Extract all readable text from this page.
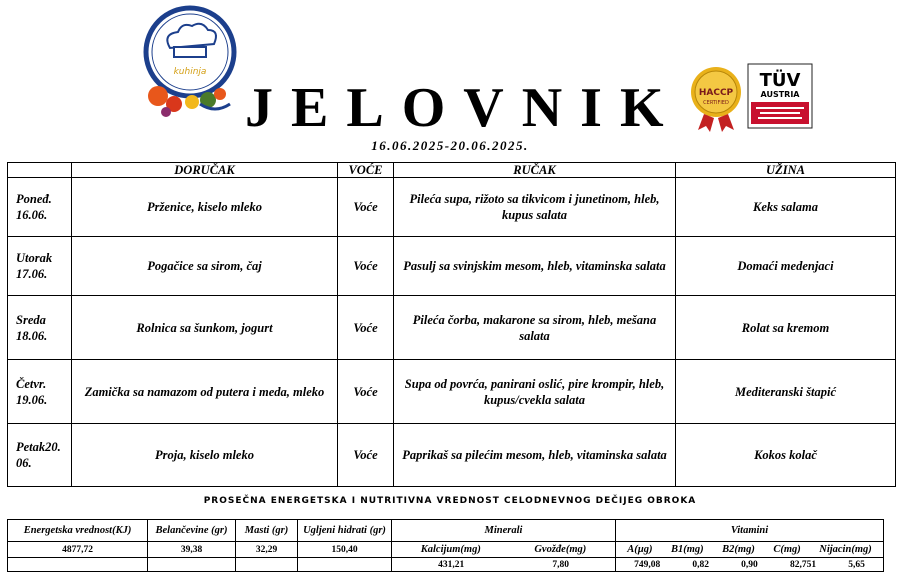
kuhinja
JELOVNIK HACCP
CERTIFIED
TÜV
AUSTRIA
16.06.2025-20.06.2025.
	DORUČAK	VOĆE	RUČAK	UŽINA
Poneđ. 16.06.	Prženice, kiselo mleko	Voće	Pileća supa, rižoto sa tikvicom i junetinom, hleb, kupus salata	Keks salama
Utorak 17.06.	Pogačice sa sirom, čaj	Voće	Pasulj sa svinjskim mesom, hleb, vitaminska salata	Domaći medenjaci
Sreda 18.06.	Rolnica sa šunkom, jogurt	Voće	Pileća čorba, makarone sa sirom, hleb, mešana salata	Rolat sa kremom
Četvr. 19.06.	Zamička sa namazom od putera i meda, mleko	Voće	Supa od povrća, panirani oslić, pire krompir, hleb, kupus/cvekla salata	Mediteranski štapić
Petak20. 06.	Proja, kiselo mleko	Voće	Paprikaš sa pilećim mesom, hleb, vitaminska salata	Kokos kolač
PROSEČNA ENERGETSKA I NUTRITIVNA VREDNOST CELODNEVNOG DEČIJEG OBROKA
Energetska vrednost(KJ)	Belančevine (gr)	Masti (gr)	Ugljeni hidrati (gr)	Minerali	Vitamini
4877,72	39,38	32,29	150,40	Kalcijum(mg) Gvožđe(mg)	A(µg) B1(mg) B2(mg) C(mg) Nijacin(mg)

				431,21 7,80	749,08 0,82 0,90 82,751 5,65
